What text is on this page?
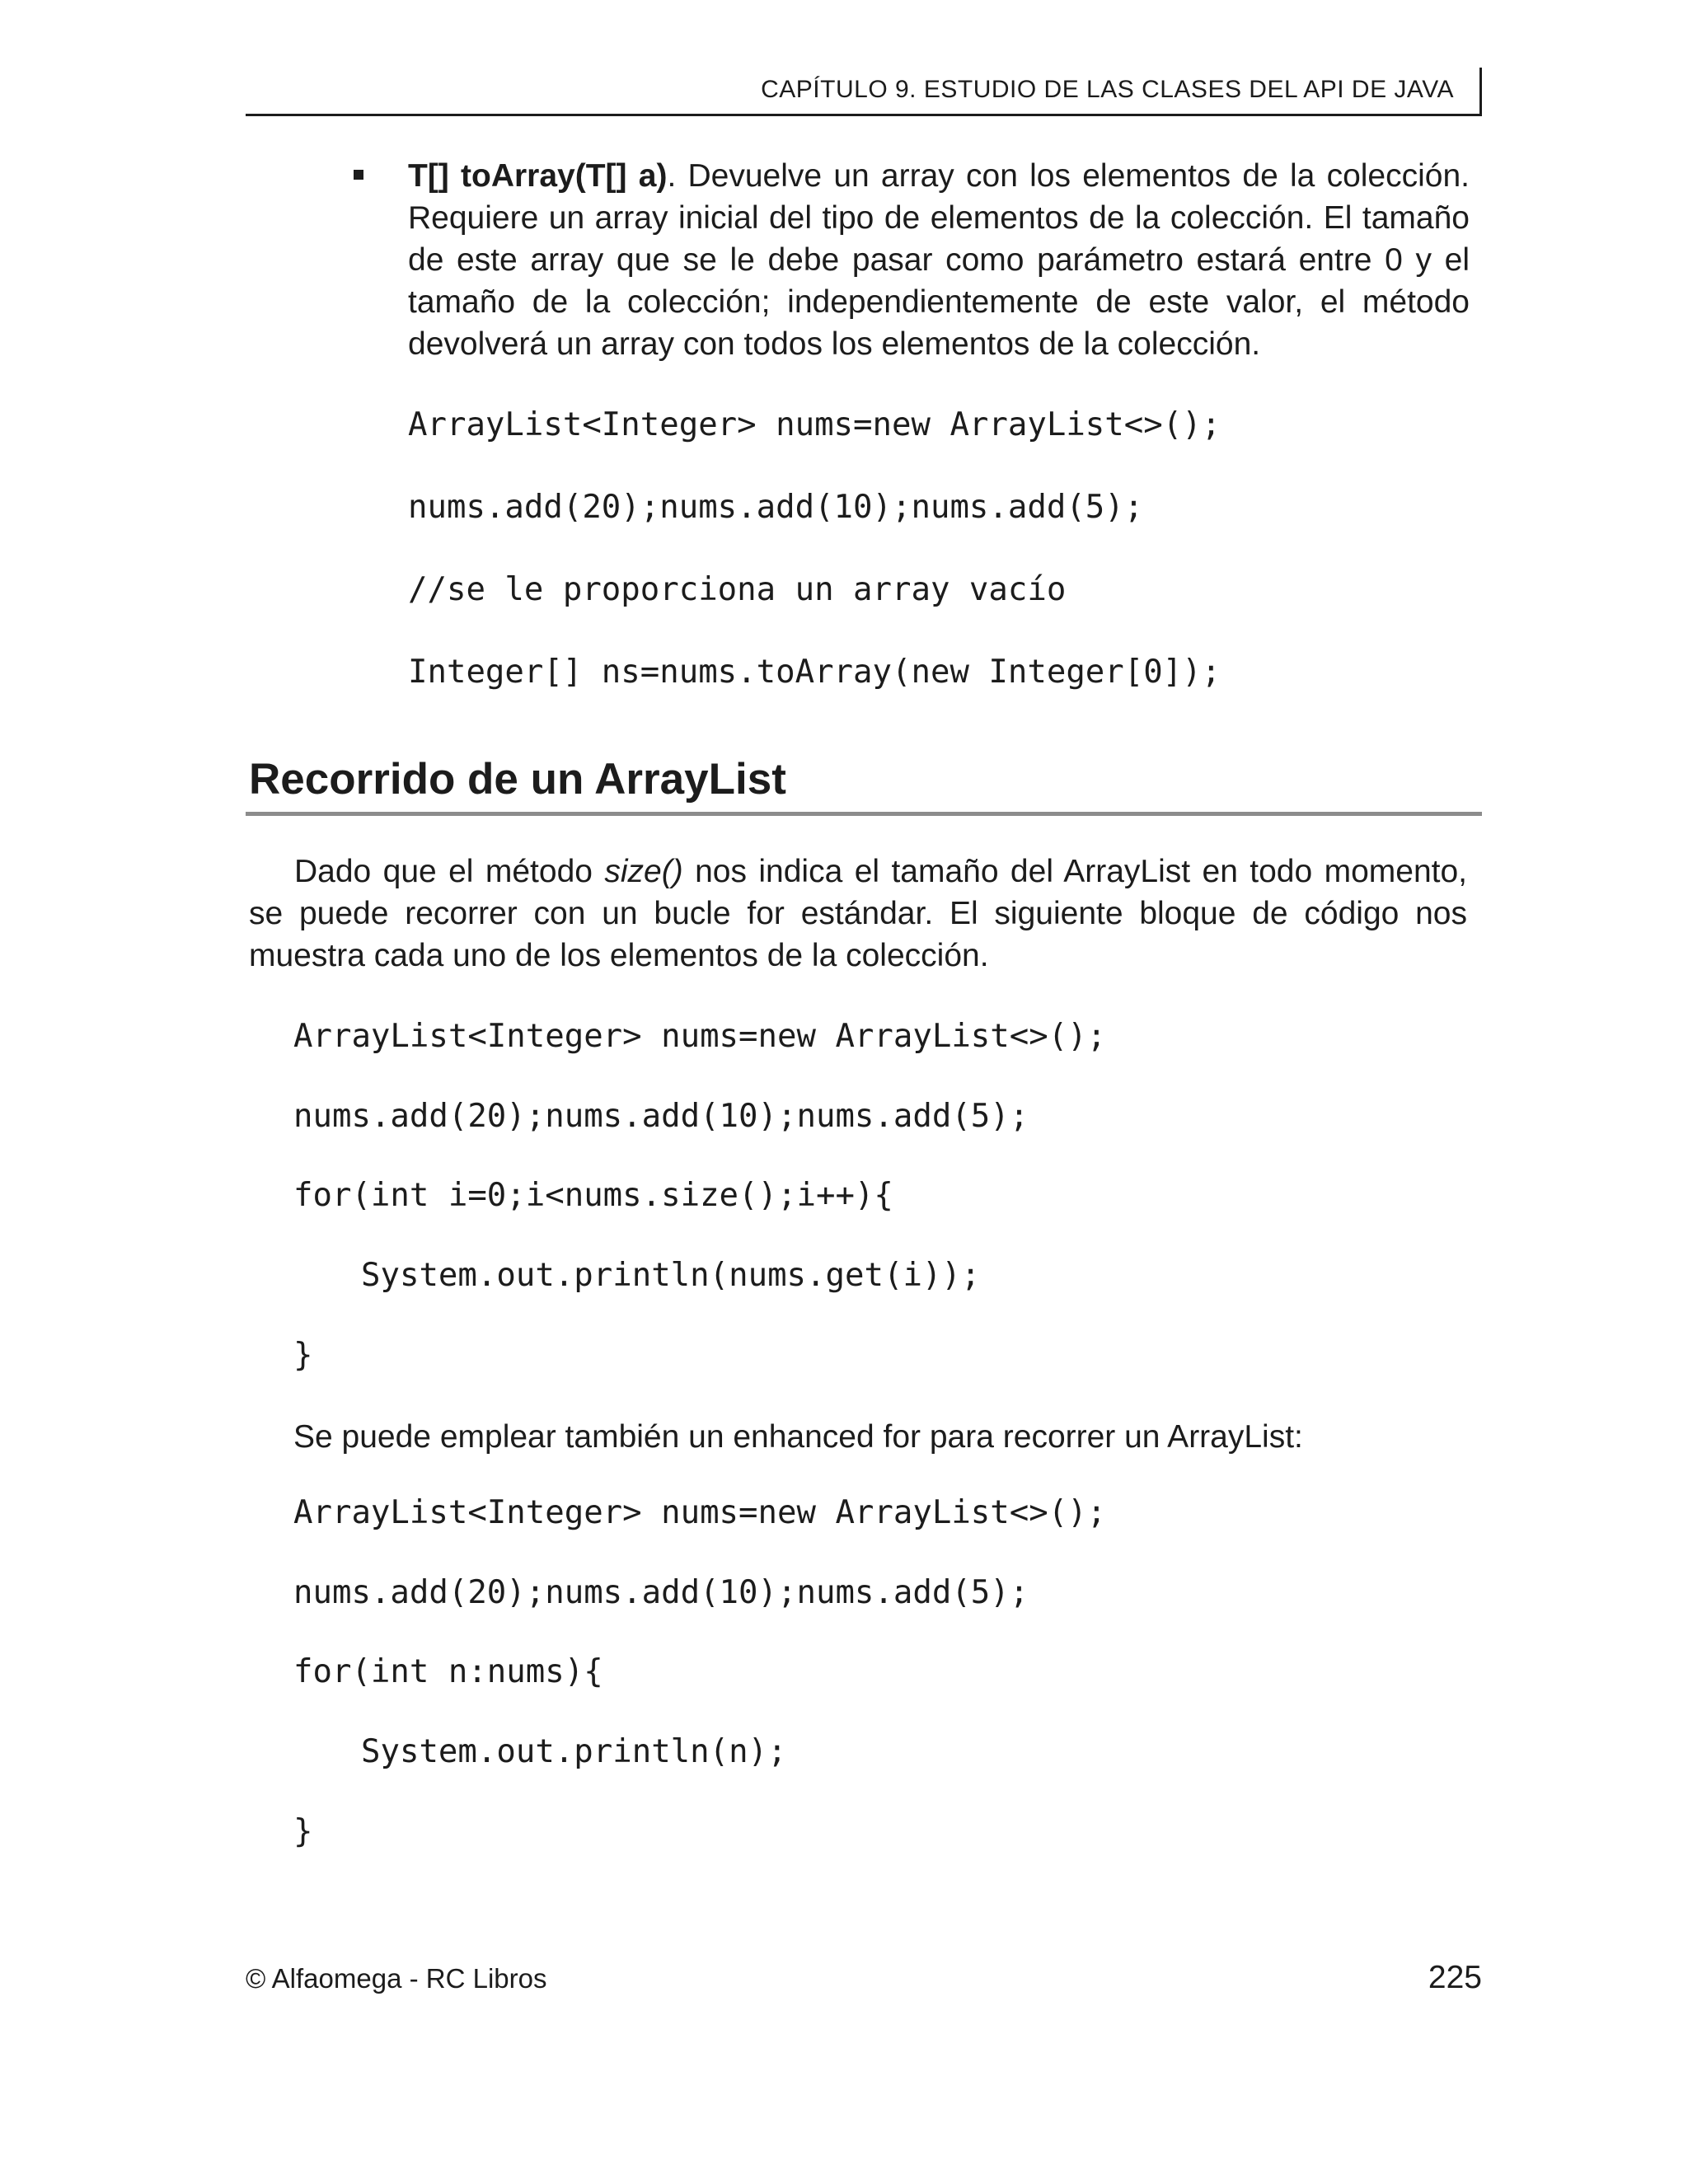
CAPÍTULO 9. ESTUDIO DE LAS CLASES DEL API DE JAVA
T[] toArray(T[] a). Devuelve un array con los elementos de la colección. Requiere un array inicial del tipo de elementos de la colección. El tamaño de este array que se le debe pasar como parámetro estará entre 0 y el tamaño de la colección; independientemente de este valor, el método devolverá un array con todos los elementos de la colección.
ArrayList<Integer> nums=new ArrayList<>();
nums.add(20);nums.add(10);nums.add(5);
//se le proporciona un array vacío
Integer[] ns=nums.toArray(new Integer[0]);
Recorrido de un ArrayList
Dado que el método size() nos indica el tamaño del ArrayList en todo momento, se puede recorrer con un bucle for estándar. El siguiente bloque de código nos muestra cada uno de los elementos de la colección.
ArrayList<Integer> nums=new ArrayList<>();
nums.add(20);nums.add(10);nums.add(5);
for(int i=0;i<nums.size();i++){
System.out.println(nums.get(i));
}
Se puede emplear también un enhanced for para recorrer un ArrayList:
ArrayList<Integer> nums=new ArrayList<>();
nums.add(20);nums.add(10);nums.add(5);
for(int n:nums){
System.out.println(n);
}
© Alfaomega - RC Libros	225
